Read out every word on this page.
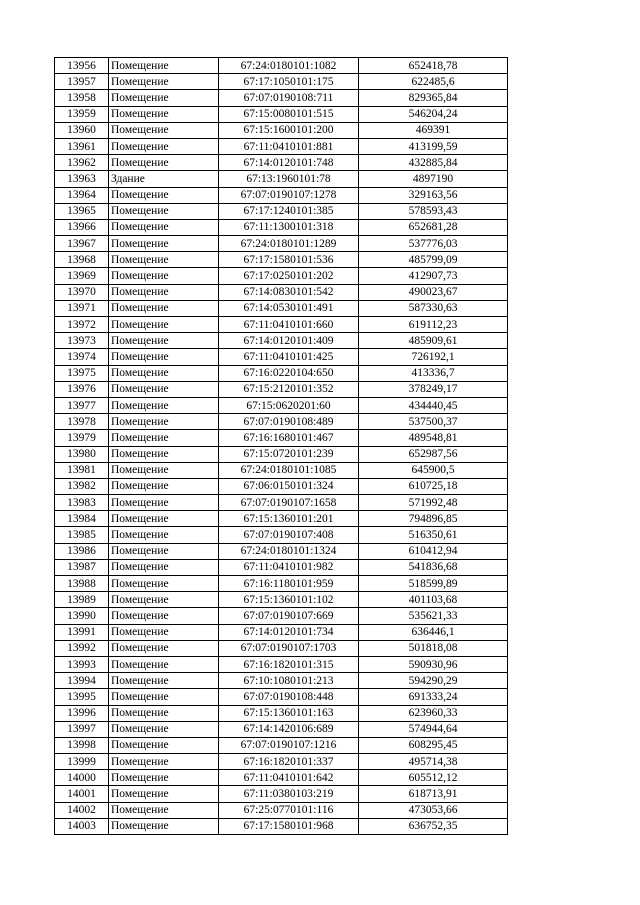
13956	Помещение	67:24:0180101:1082	652418,78
13957	Помещение	67:17:1050101:175	622485,6
13958	Помещение	67:07:0190108:711	829365,84
13959	Помещение	67:15:0080101:515	546204,24
13960	Помещение	67:15:1600101:200	469391
13961	Помещение	67:11:0410101:881	413199,59
13962	Помещение	67:14:0120101:748	432885,84
13963	Здание	67:13:1960101:78	4897190
13964	Помещение	67:07:0190107:1278	329163,56
13965	Помещение	67:17:1240101:385	578593,43
13966	Помещение	67:11:1300101:318	652681,28
13967	Помещение	67:24:0180101:1289	537776,03
13968	Помещение	67:17:1580101:536	485799,09
13969	Помещение	67:17:0250101:202	412907,73
13970	Помещение	67:14:0830101:542	490023,67
13971	Помещение	67:14:0530101:491	587330,63
13972	Помещение	67:11:0410101:660	619112,23
13973	Помещение	67:14:0120101:409	485909,61
13974	Помещение	67:11:0410101:425	726192,1
13975	Помещение	67:16:0220104:650	413336,7
13976	Помещение	67:15:2120101:352	378249,17
13977	Помещение	67:15:0620201:60	434440,45
13978	Помещение	67:07:0190108:489	537500,37
13979	Помещение	67:16:1680101:467	489548,81
13980	Помещение	67:15:0720101:239	652987,56
13981	Помещение	67:24:0180101:1085	645900,5
13982	Помещение	67:06:0150101:324	610725,18
13983	Помещение	67:07:0190107:1658	571992,48
13984	Помещение	67:15:1360101:201	794896,85
13985	Помещение	67:07:0190107:408	516350,61
13986	Помещение	67:24:0180101:1324	610412,94
13987	Помещение	67:11:0410101:982	541836,68
13988	Помещение	67:16:1180101:959	518599,89
13989	Помещение	67:15:1360101:102	401103,68
13990	Помещение	67:07:0190107:669	535621,33
13991	Помещение	67:14:0120101:734	636446,1
13992	Помещение	67:07:0190107:1703	501818,08
13993	Помещение	67:16:1820101:315	590930,96
13994	Помещение	67:10:1080101:213	594290,29
13995	Помещение	67:07:0190108:448	691333,24
13996	Помещение	67:15:1360101:163	623960,33
13997	Помещение	67:14:1420106:689	574944,64
13998	Помещение	67:07:0190107:1216	608295,45
13999	Помещение	67:16:1820101:337	495714,38
14000	Помещение	67:11:0410101:642	605512,12
14001	Помещение	67:11:0380103:219	618713,91
14002	Помещение	67:25:0770101:116	473053,66
14003	Помещение	67:17:1580101:968	636752,35
